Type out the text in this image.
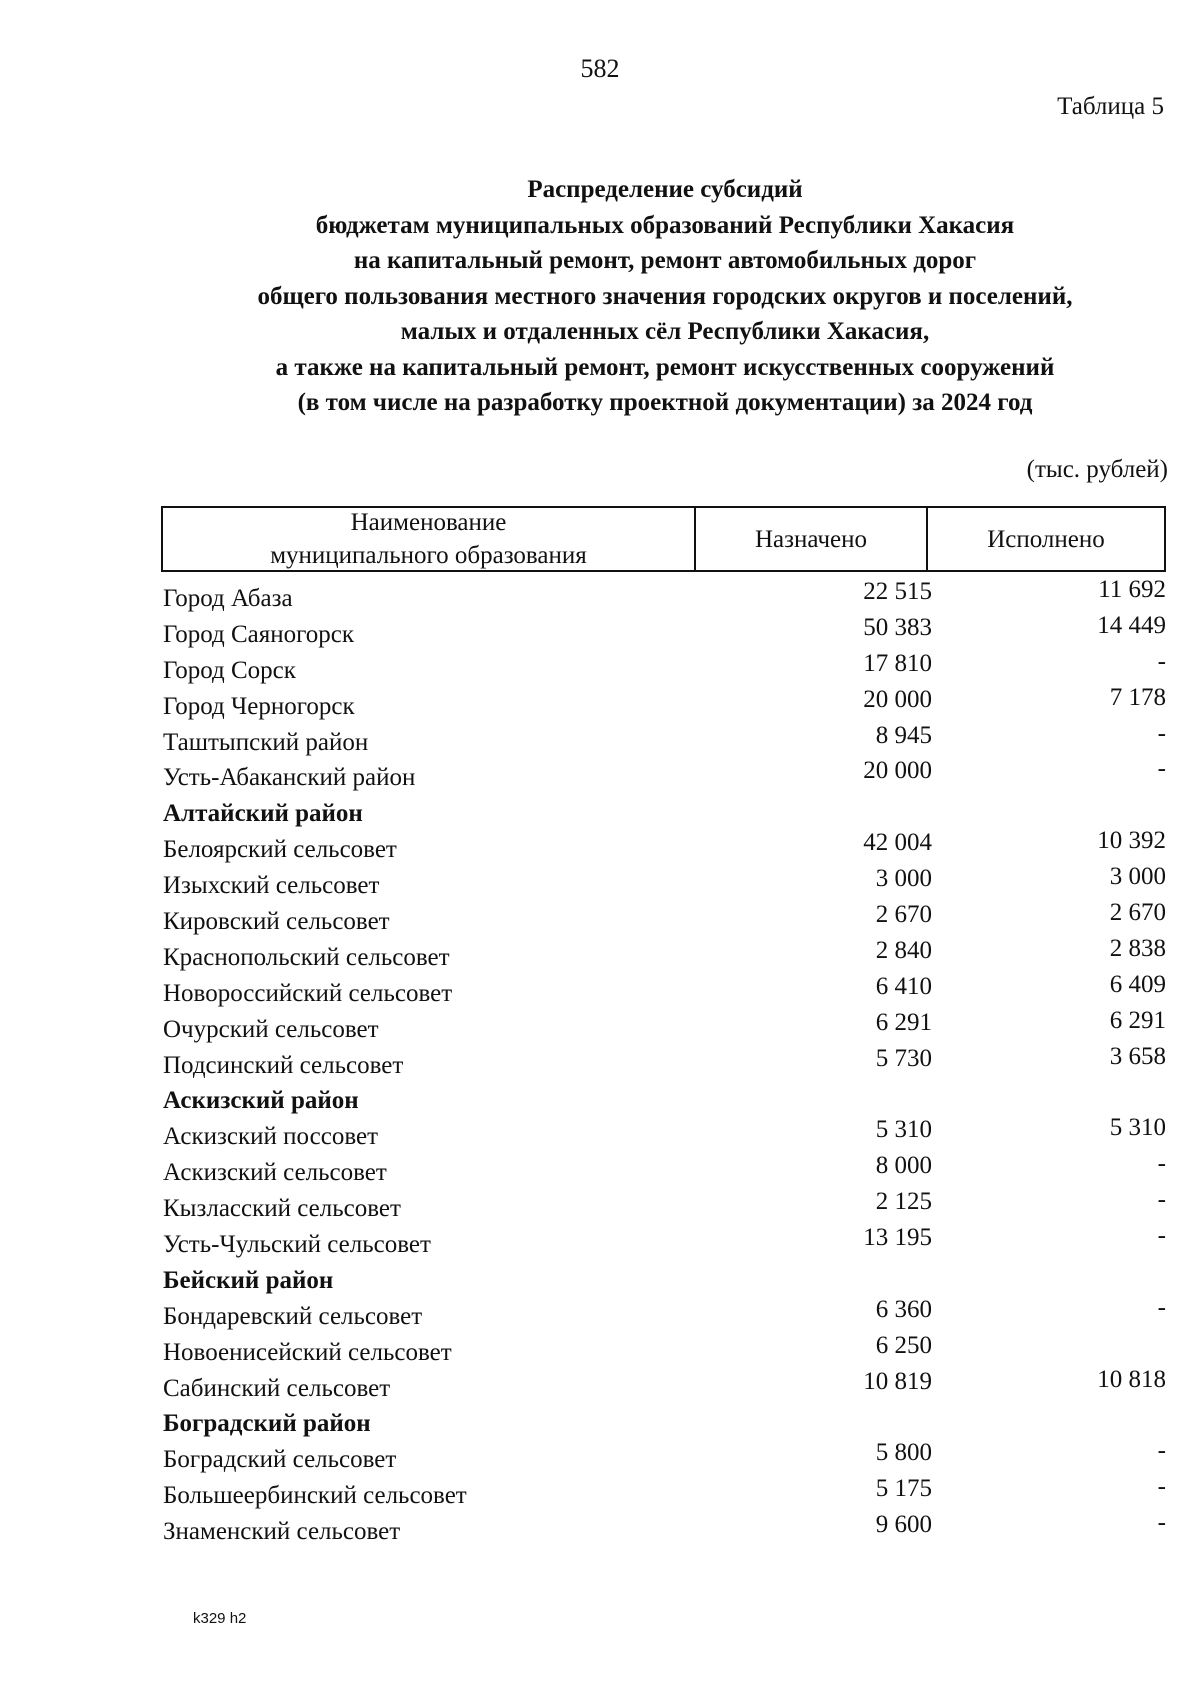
582
Таблица 5
Распределение субсидий
бюджетам муниципальных образований Республики Хакасия
на капитальный ремонт, ремонт автомобильных дорог
общего пользования местного значения городских округов и поселений,
малых и отдаленных сёл Республики Хакасия,
а также на капитальный ремонт, ремонт искусственных сооружений
(в том числе на разработку проектной документации) за 2024 год
(тыс. рублей)
Наименование
муниципального образования
Назначено	Исполнено
Город Абаза	22 515	11 692
Город Саяногорск	50 383	14 449
Город Сорск	17 810	-
Город Черногорск	20 000	7 178
Таштыпский район	8 945	-
Усть-Абаканский район	20 000	-
Алтайский район
Белоярский сельсовет	42 004	10 392
Изыхский сельсовет	3 000	3 000
Кировский сельсовет	2 670	2 670
Краснопольский сельсовет	2 840	2 838
Новороссийский сельсовет	6 410	6 409
Очурский сельсовет	6 291	6 291
Подсинский сельсовет	5 730	3 658
Аскизский район
Аскизский поссовет	5 310	5 310
Аскизский сельсовет	8 000	-
Кызласский сельсовет	2 125	-
Усть-Чульский сельсовет	13 195	-
Бейский район
Бондаревский сельсовет	6 360	-
Новоенисейский сельсовет	6 250
Сабинский сельсовет	10 819	10 818
Боградский район
Боградский сельсовет	5 800	-
Большеербинский сельсовет	5 175	-
Знаменский сельсовет	9 600	-
k329 h2
